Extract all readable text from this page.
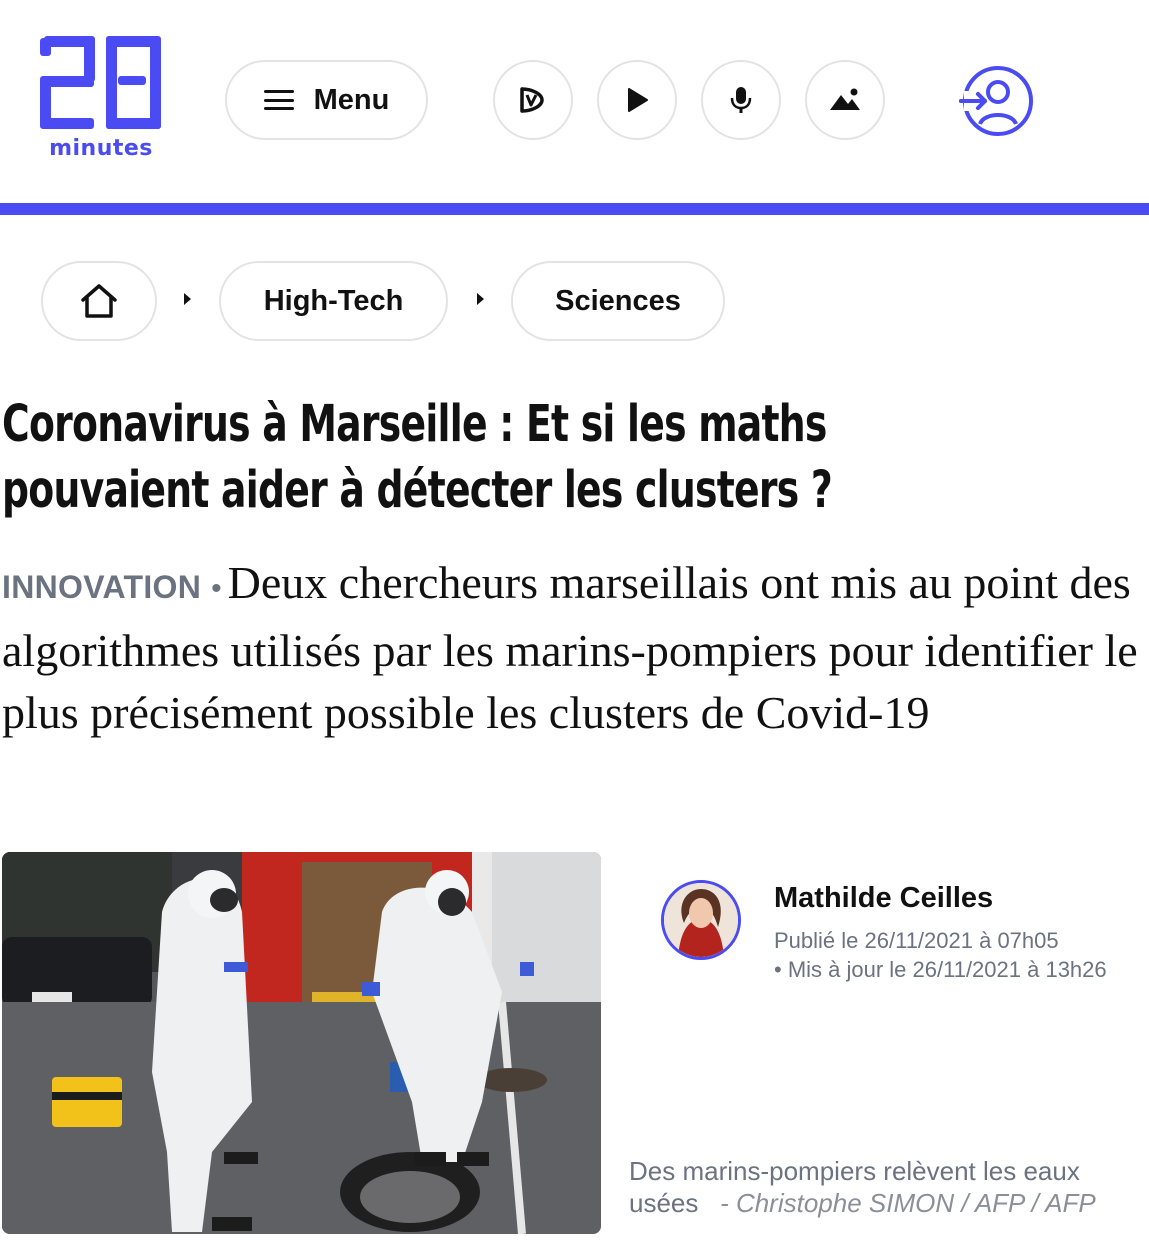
minutes
Menu
High-Tech	Sciences
Coronavirus à Marseille : Et si les maths pouvaient aider à détecter les clusters ?

INNOVATION • Deux chercheurs marseillais ont mis au point des algorithmes utilisés par les marins-pompiers pour identifier le plus précisément possible les clusters de Covid-19

Mathilde Ceilles
Publié le 26/11/2021 à 07h05
• Mis à jour le 26/11/2021 à 13h26
Des marins-pompiers relèvent les eaux usées - Christophe SIMON / AFP / AFP
